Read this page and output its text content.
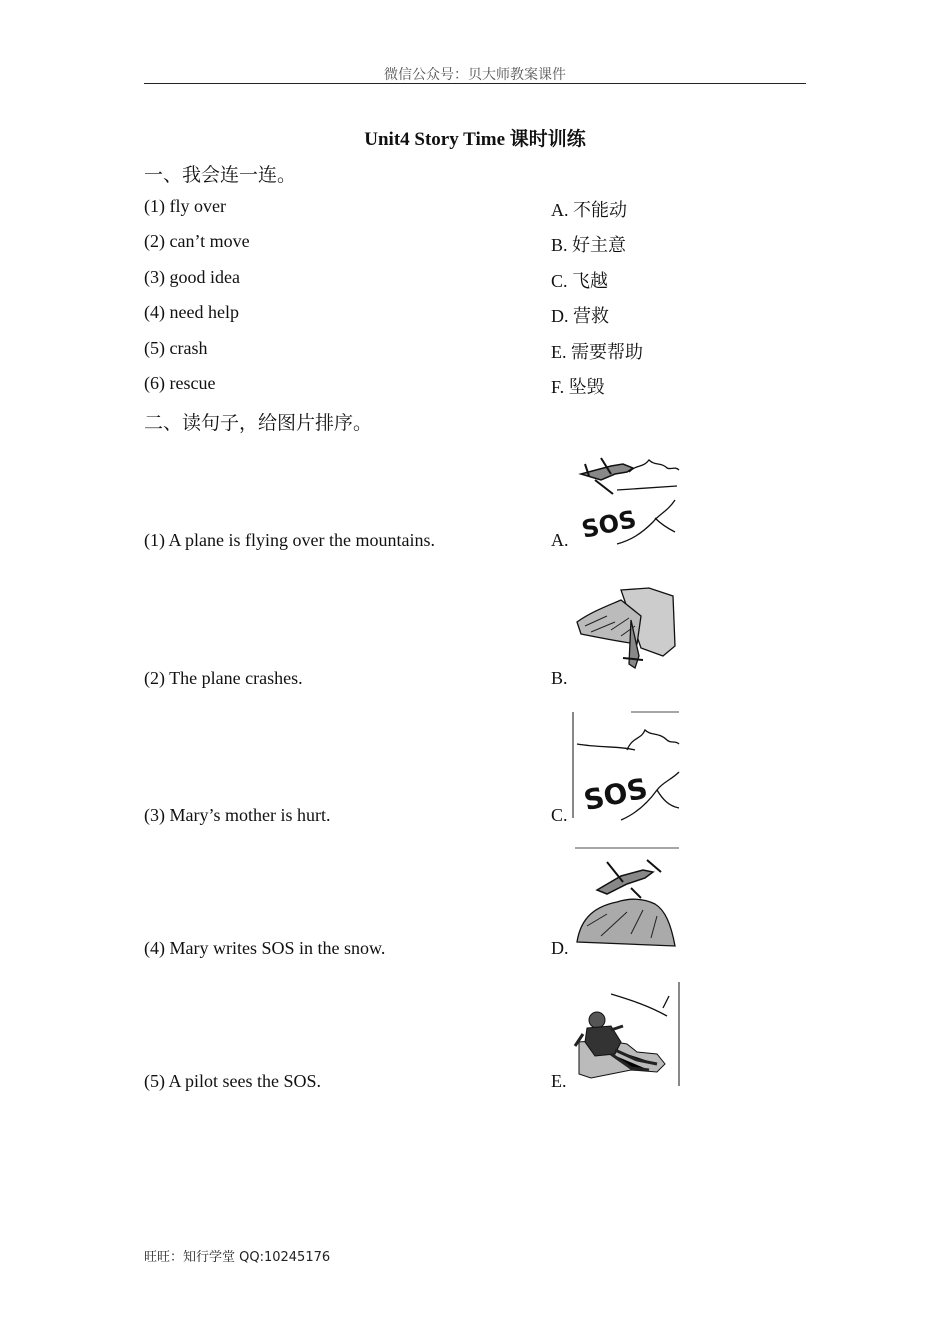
微信公众号：贝大师教案课件
Unit4 Story Time 课时训练
一、我会连一连。
(1) fly over
(2) can’t move
(3) good idea
(4) need help
(5) crash
(6) rescue
A. 不能动
B. 好主意
C. 飞越
D. 营救
E. 需要帮助
F. 坠毁
二、读句子，给图片排序。
(1) A plane is flying over the mountains.
(2) The plane crashes.
(3) Mary’s mother is hurt.
(4) Mary writes SOS in the snow.
(5) A pilot sees the SOS.
A.
B.
C.
D.
E.
SOS
SOS
旺旺：知行学堂 QQ:10245176
